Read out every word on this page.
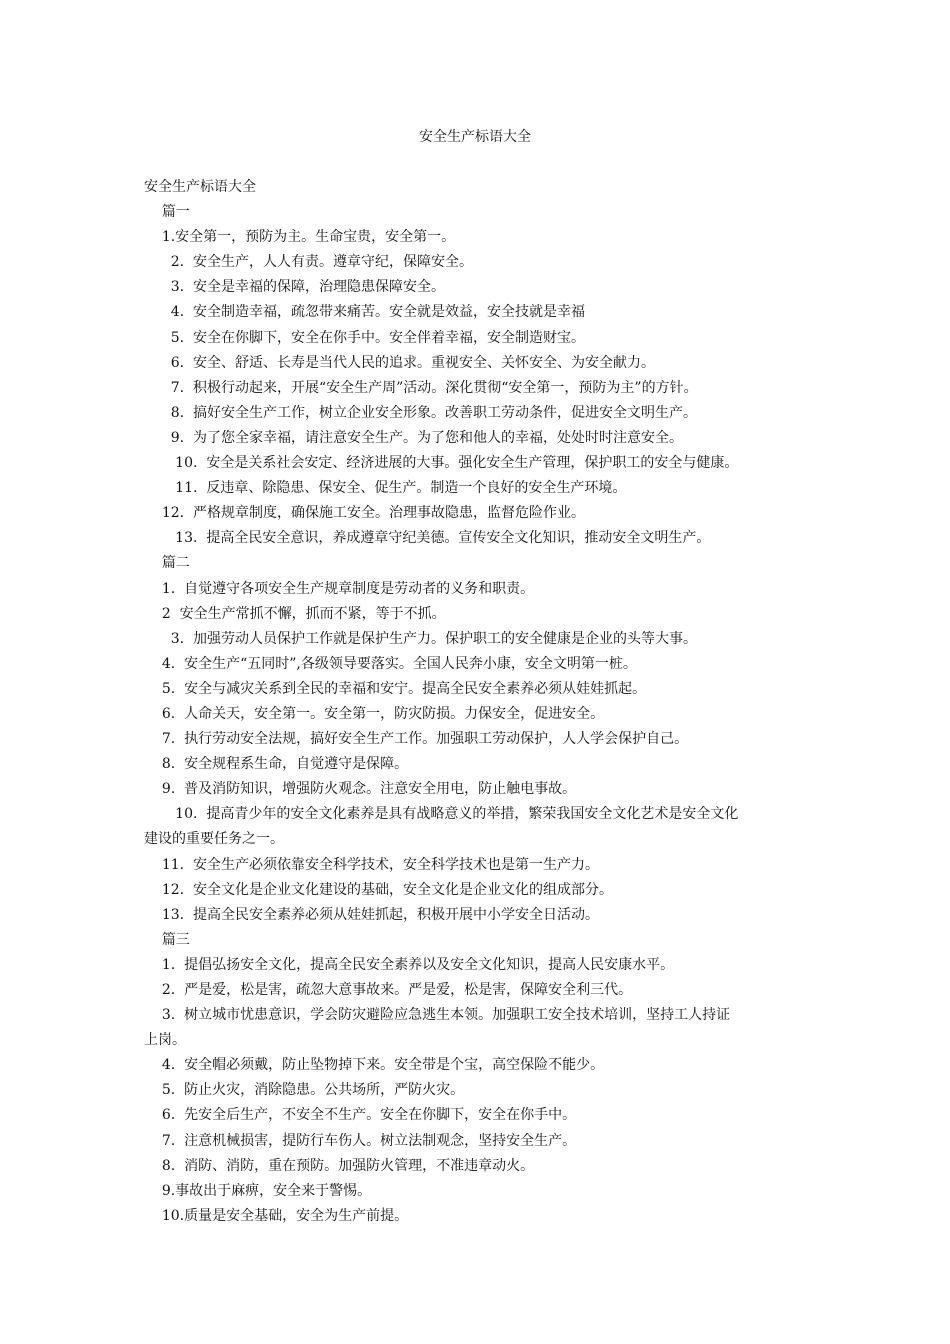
安全生产标语大全

安全生产标语大全

篇一

1.安全第一，预防为主。生命宝贵，安全第一。

2.  安全生产，人人有责。遵章守纪，保障安全。

3.  安全是幸福的保障，治理隐患保障安全。

4.  安全制造幸福，疏忽带来痛苦。安全就是效益，安全技就是幸福

5.  安全在你脚下，安全在你手中。安全伴着幸福，安全制造财宝。

6.  安全、舒适、长寿是当代人民的追求。重视安全、关怀安全、为安全献力。

7.  积极行动起来，开展“安全生产周”活动。深化贯彻“安全第一，预防为主”的方针。

8.  搞好安全生产工作，树立企业安全形象。改善职工劳动条件，促进安全文明生产。

9.  为了您全家幸福，请注意安全生产。为了您和他人的幸福，处处时时注意安全。

10.  安全是关系社会安定、经济进展的大事。强化安全生产管理，保护职工的安全与健康。

11.  反违章、除隐患、保安全、促生产。制造一个良好的安全生产环境。

12.  严格规章制度，确保施工安全。治理事故隐患，监督危险作业。

13.  提高全民安全意识，养成遵章守纪美德。宣传安全文化知识，推动安全文明生产。

篇二

1.  自觉遵守各项安全生产规章制度是劳动者的义务和职责。

2  安全生产常抓不懈，抓而不紧，等于不抓。

3.  加强劳动人员保护工作就是保护生产力。保护职工的安全健康是企业的头等大事。

4.  安全生产“五同时”,各级领导要落实。全国人民奔小康，安全文明第一桩。

5.  安全与减灾关系到全民的幸福和安宁。提高全民安全素养必须从娃娃抓起。

6.  人命关天，安全第一。安全第一，防灾防损。力保安全，促进安全。

7.  执行劳动安全法规，搞好安全生产工作。加强职工劳动保护，人人学会保护自己。

8.  安全规程系生命，自觉遵守是保障。

9.  普及消防知识，增强防火观念。注意安全用电，防止触电事故。

10.  提高青少年的安全文化素养是具有战略意义的举措，繁荣我国安全文化艺术是安全文化

建设的重要任务之一。

11.  安全生产必须依靠安全科学技术，安全科学技术也是第一生产力。

12.  安全文化是企业文化建设的基础，安全文化是企业文化的组成部分。

13.  提高全民安全素养必须从娃娃抓起，积极开展中小学安全日活动。

篇三

1.  提倡弘扬安全文化，提高全民安全素养以及安全文化知识，提高人民安康水平。

2.  严是爱，松是害，疏忽大意事故来。严是爱，松是害，保障安全利三代。

3.  树立城市忧患意识，学会防灾避险应急逃生本领。加强职工安全技术培训，坚持工人持证

上岗。

4.  安全帽必须戴，防止坠物掉下来。安全带是个宝，高空保险不能少。

5.  防止火灾，消除隐患。公共场所，严防火灾。

6.  先安全后生产，不安全不生产。安全在你脚下，安全在你手中。

7.  注意机械损害，提防行车伤人。树立法制观念，坚持安全生产。

8.  消防、消防，重在预防。加强防火管理，不准违章动火。

9.事故出于麻痹，安全来于警惕。

10.质量是安全基础，安全为生产前提。
